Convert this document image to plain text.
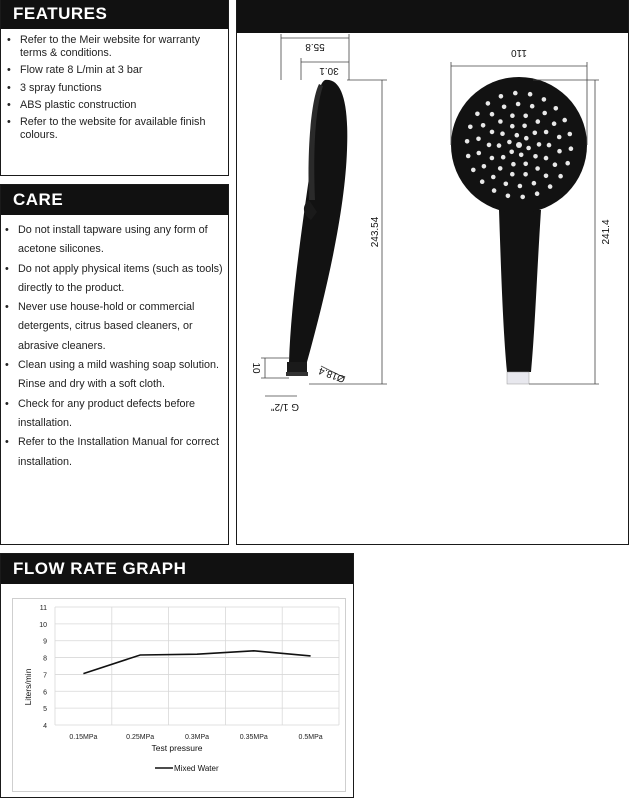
FEATURES
• Refer to the Meir website for warranty terms & conditions.
• Flow rate 8 L/min at 3 bar
• 3 spray functions
• ABS plastic construction
• Refer to the website for available finish colours.
CARE
• Do not install tapware using any form of acetone silicones.
• Do not apply physical items (such as tools) directly to the product.
• Never use house-hold or commercial detergents, citrus based cleaners, or abrasive cleaners.
• Clean using a mild washing soap solution. Rinse and dry with a soft cloth.
• Check for any product defects before installation.
• Refer to the Installation Manual for correct installation.
55.8
30.1
243.54
10	Ø18.4
G 1/2"
110
241.4
FLOW RATE GRAPH
4
5
6
7
8
9
10
11
0.15MPa	0.25MPa	0.3MPa	0.35MPa	0.5MPa
Mixed Water
Test pressure
Liters/min
